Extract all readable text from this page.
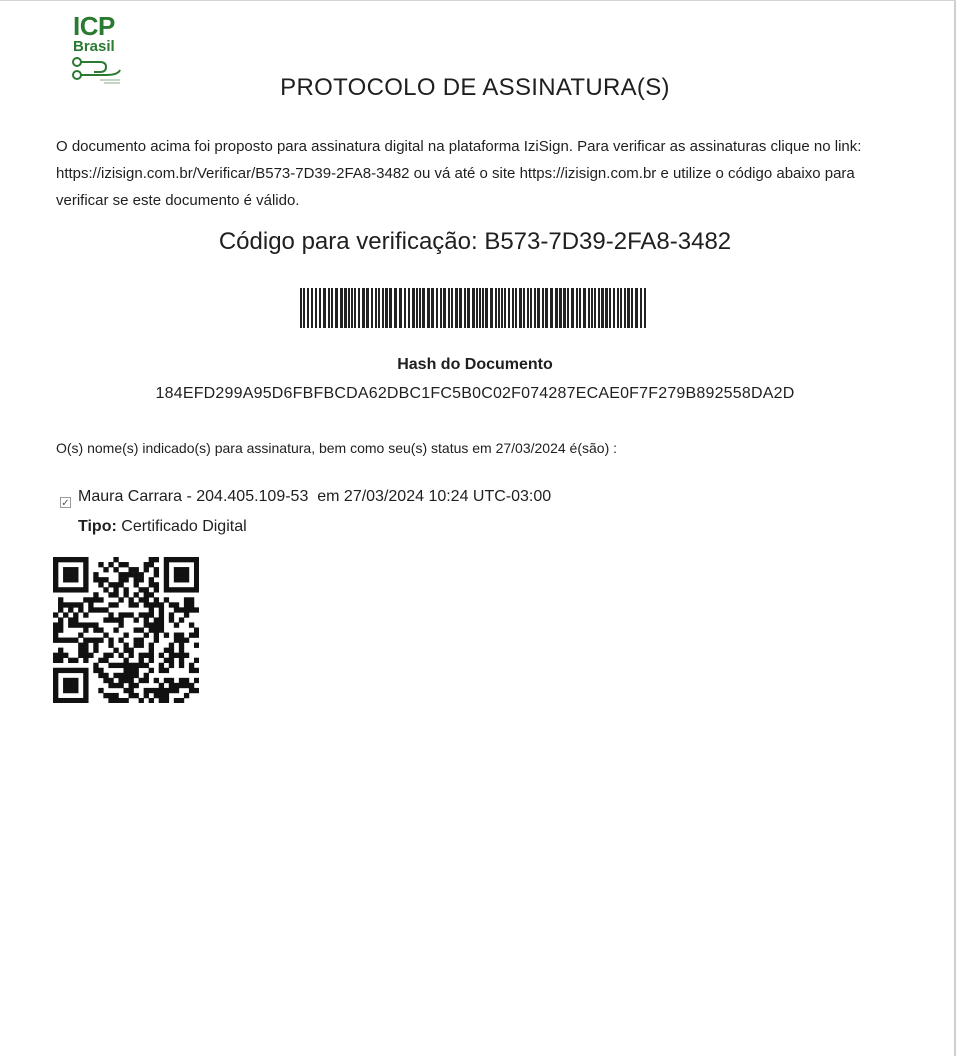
ICP
Brasil
PROTOCOLO DE ASSINATURA(S)
O documento acima foi proposto para assinatura digital na plataforma IziSign. Para verificar as assinaturas clique no link: https://izisign.com.br/Verificar/B573-7D39-2FA8-3482 ou vá até o site https://izisign.com.br e utilize o código abaixo para verificar se este documento é válido.
Código para verificação: B573-7D39-2FA8-3482
Hash do Documento
184EFD299A95D6FBFBCDA62DBC1FC5B0C02F074287ECAE0F7F279B892558DA2D
O(s) nome(s) indicado(s) para assinatura, bem como seu(s) status em 27/03/2024 é(são) :
✓ Maura Carrara - 204.405.109-53  em 27/03/2024 10:24 UTC-03:00
Tipo: Certificado Digital
